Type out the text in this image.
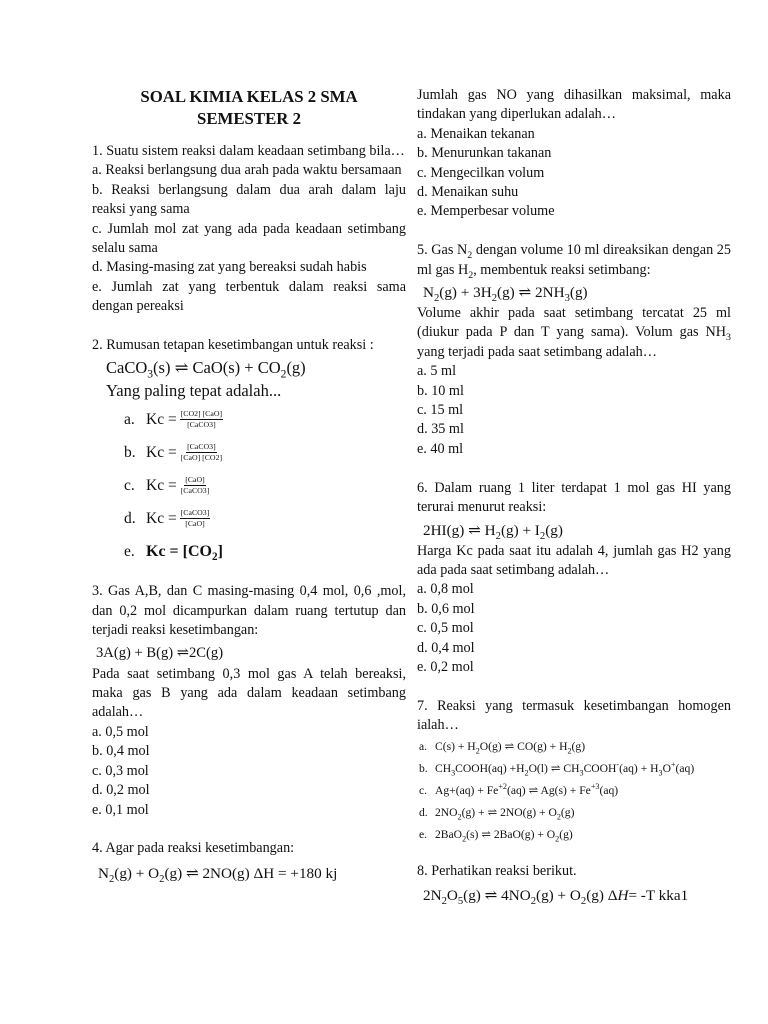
SOAL KIMIA KELAS 2 SMA
SEMESTER 2

1. Suatu sistem reaksi dalam keadaan setimbang bila…

a. Reaksi berlangsung dua arah pada waktu bersamaan

b. Reaksi berlangsung dalam dua arah dalam laju reaksi yang sama

c. Jumlah mol zat yang ada pada keadaan setimbang selalu sama

d. Masing-masing zat yang bereaksi sudah habis

e. Jumlah zat yang terbentuk dalam reaksi sama dengan pereaksi

2. Rumusan tetapan kesetimbangan untuk reaksi :

CaCO$_3$(s) ⇌ $CaO(s) + CO_2(g)$
Yang paling tepat adalah...
a. $Kc = \frac{\text{[CO2] [CaO]}}{\text{[CaCO3]}}$
b. $Kc = \frac{\text{[CaCO3]}}{\text{[CaO] [CO2]}}$
c. $Kc = \frac{\text{[CaO]}}{\text{[CaCO3]}}$
d. $Kc = \frac{\text{[CaCO3]}}{\text{[CaO]}}$
e. $Kc = [CO_2]$

3. Gas A,B, dan C masing-masing 0,4 mol, 0,6 ,mol, dan 0,2 mol dicampurkan dalam ruang tertutup dan terjadi reaksi kesetimbangan:

3A(g) + B(g) ⇌2C(g)

Pada saat setimbang 0,3 mol gas A telah bereaksi, maka gas B yang ada dalam keadaan setimbang adalah…

a. 0,5 mol

b. 0,4 mol

c. 0,3 mol

d. 0,2 mol

e. 0,1 mol

4. Agar pada reaksi kesetimbangan:

$N_2(g) + O_2(g)$ ⇌ 2NO(g) ΔH = +180 kj

Jumlah gas NO yang dihasilkan maksimal, maka tindakan yang diperlukan adalah…

a. Menaikan tekanan

b. Menurunkan takanan

c. Mengecilkan volum

d. Menaikan suhu

e. Memperbesar volume

5. Gas $N_2$ dengan volume 10 ml direaksikan dengan 25 ml gas $H_2$, membentuk reaksi setimbang:

$N_2(g) + 3H_2(g)$ ⇌ $2NH_3(g)$

Volume akhir pada saat setimbang tercatat 25 ml (diukur pada P dan T yang sama). Volum gas $NH_3$ yang terjadi pada saat setimbang adalah…

a. 5 ml

b. 10 ml

c. 15 ml

d. 35 ml

e. 40 ml

6. Dalam ruang 1 liter terdapat 1 mol gas HI yang terurai menurut reaksi:

2HI(g) ⇌ $H_2(g) + I_2(g)$

Harga Kc pada saat itu adalah 4, jumlah gas H2 yang ada pada saat setimbang adalah…

a. 0,8 mol

b. 0,6 mol

c. 0,5 mol

d. 0,4 mol

e. 0,2 mol

7. Reaksi yang termasuk kesetimbangan homogen ialah…

a. $C(s) + H_2O(g)$ ⇌ $CO(g) + H_2(g)$
b. $CH_3COOH(aq) +H_2O(l)$ ⇌ $CH_3COOH^-(aq) + H_3O^+(aq)$
c. $Ag+(aq) + Fe^{+2}(aq)$ ⇌ $Ag(s) + Fe^{+3}(aq)$
d. $2NO_2(g)$ + ⇌ $2NO(g) + O_2(g)$
e. 2BaO$_2$(s) ⇌ $2BaO(g) + O_2(g)$

8. Perhatikan reaksi berikut.

$2N_2O_5(g)$ ⇌ $4NO_2(g) + O_2(g)$ ΔH= -T kka1
